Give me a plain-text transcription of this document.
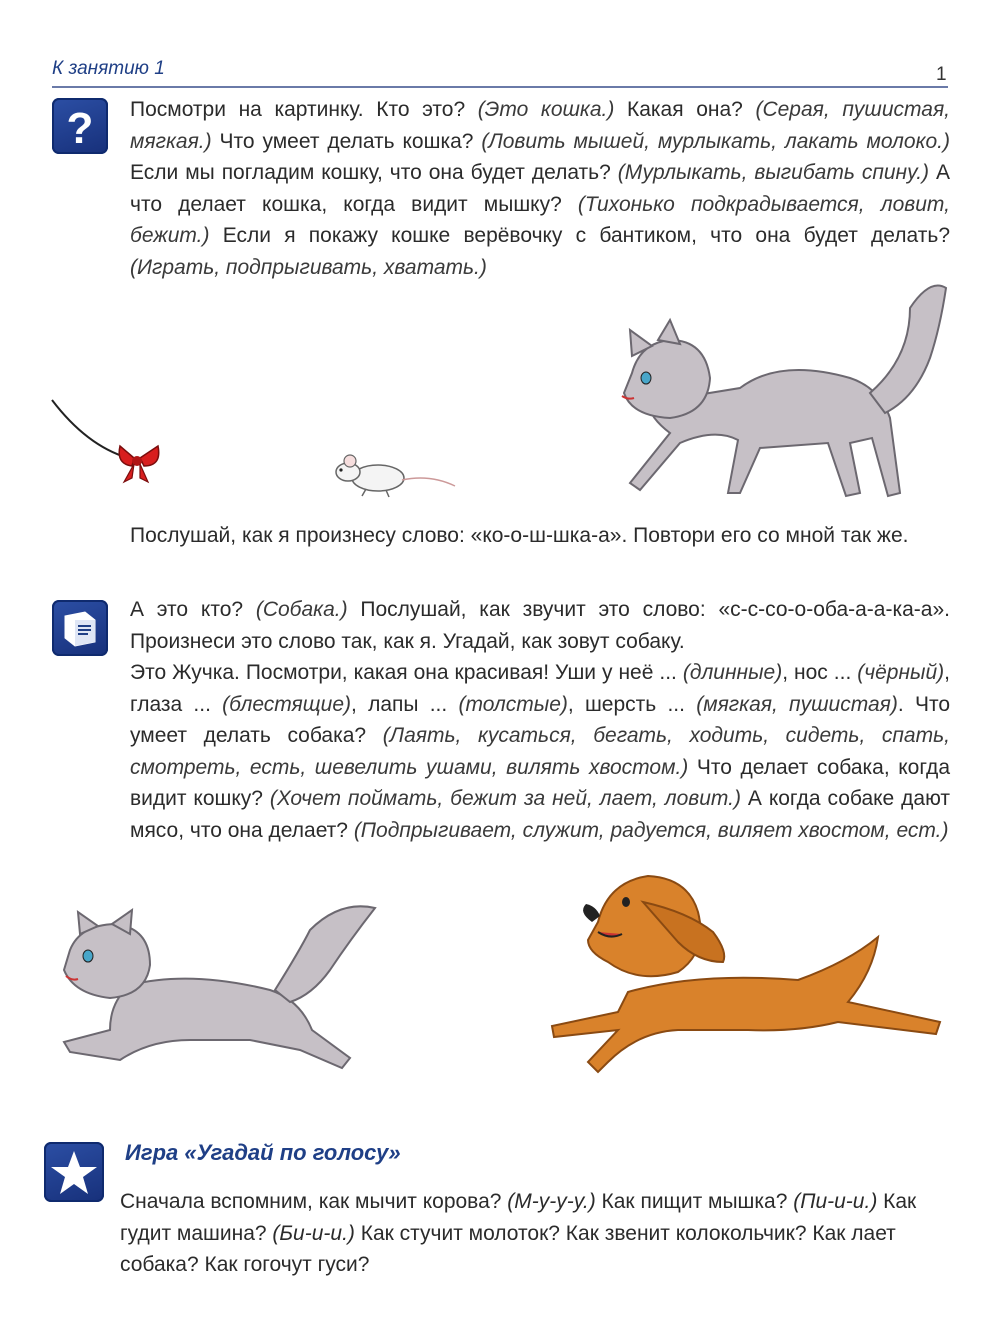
К занятию 1	1
? Посмотри на картинку. Кто это? (Это кошка.) Какая она? (Серая, пушистая, мягкая.) Что умеет делать кошка? (Ловить мышей, мурлыкать, лакать молоко.) Если мы погладим кошку, что она будет делать? (Мурлыкать, выгибать спину.) А что делает кошка, когда видит мышку? (Тихонько подкрадывается, ловит, бежит.) Если я покажу кошке верёвочку с бантиком, что она будет делать? (Играть, подпрыгивать, хватать.)
Послушай, как я произнесу слово: «ко-о-ш-шка-а». Повтори его со мной так же.
А это кто? (Собака.) Послушай, как звучит это слово: «с-с-со-о-оба-а-а-ка-а». Произнеси это слово так, как я. Угадай, как зовут собаку.
Это Жучка. Посмотри, какая она красивая! Уши у неё ... (длинные), нос ... (чёрный), глаза ... (блестящие), лапы ... (толстые), шерсть ... (мягкая, пушистая). Что умеет делать собака? (Лаять, кусаться, бегать, ходить, сидеть, спать, смотреть, есть, шевелить ушами, вилять хвостом.) Что делает собака, когда видит кошку? (Хочет поймать, бежит за ней, лает, ловит.) А когда собаке дают мясо, что она делает? (Подпрыгивает, служит, радуется, виляет хвостом, ест.)
Игра «Угадай по голосу»
Сначала вспомним, как мычит корова? (М-у-у-у.) Как пищит мышка? (Пи-и-и.) Как гудит машина? (Би-и-и.) Как стучит молоток? Как звенит колокольчик? Как лает собака? Как гогочут гуси?
